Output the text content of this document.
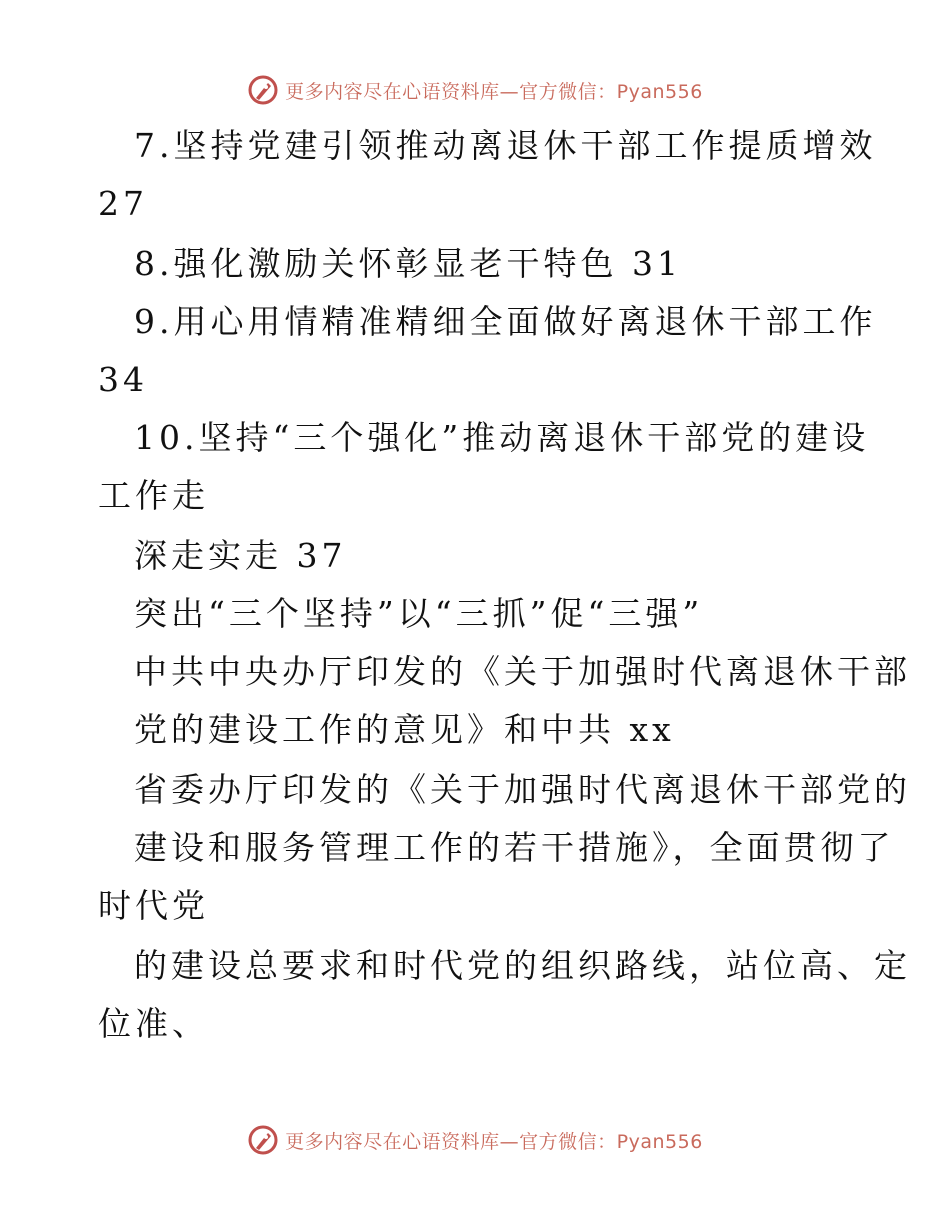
更多内容尽在心语资料库—官方微信：Pyan556
7.坚持党建引领推动离退休干部工作提质增效
27
8.强化激励关怀彰显老干特色 31
9.用心用情精准精细全面做好离退休干部工作
34
10.坚持“三个强化”推动离退休干部党的建设
工作走
深走实走 37
突出“三个坚持”以“三抓”促“三强”
中共中央办厅印发的《关于加强时代离退休干部
党的建设工作的意见》和中共 xx
省委办厅印发的《关于加强时代离退休干部党的
建设和服务管理工作的若干措施》，全面贯彻了
时代党
的建设总要求和时代党的组织路线，站位高、定
位准、
更多内容尽在心语资料库—官方微信：Pyan556
